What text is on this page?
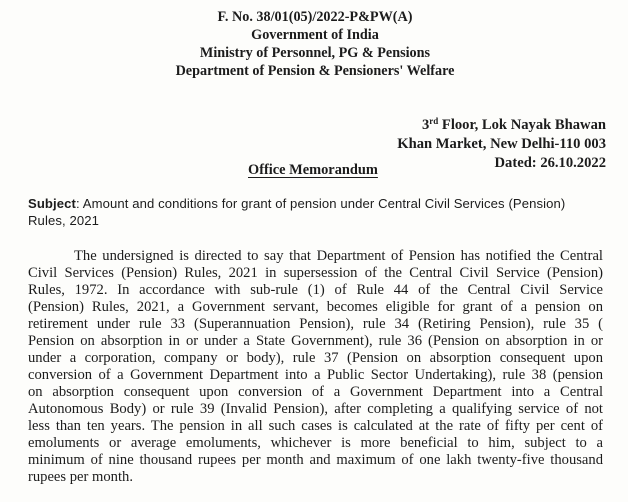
F. No. 38/01(05)/2022-P&PW(A)
Government of India
Ministry of Personnel, PG & Pensions
Department of Pension & Pensioners' Welfare
3rd Floor, Lok Nayak Bhawan
Khan Market, New Delhi-110 003
Dated: 26.10.2022
Office Memorandum
Subject: Amount and conditions for grant of pension under Central Civil Services (Pension)
Rules, 2021
The undersigned is directed to say that Department of Pension has notified the Central
Civil Services (Pension) Rules, 2021 in supersession of the Central Civil Service (Pension)
Rules, 1972. In accordance with sub-rule (1) of Rule 44 of the Central Civil Service
(Pension) Rules, 2021, a Government servant, becomes eligible for grant of a pension on
retirement under rule 33 (Superannuation Pension), rule 34 (Retiring Pension), rule 35 (
Pension on absorption in or under a State Government), rule 36 (Pension on absorption in or
under a corporation, company or body), rule 37 (Pension on absorption consequent upon
conversion of a Government Department into a Public Sector Undertaking), rule 38 (pension
on absorption consequent upon conversion of a Government Department into a Central
Autonomous Body) or rule 39 (Invalid Pension), after completing a qualifying service of not
less than ten years. The pension in all such cases is calculated at the rate of fifty per cent of
emoluments or average emoluments, whichever is more beneficial to him, subject to a
minimum of nine thousand rupees per month and maximum of one lakh twenty-five thousand
rupees per month.
